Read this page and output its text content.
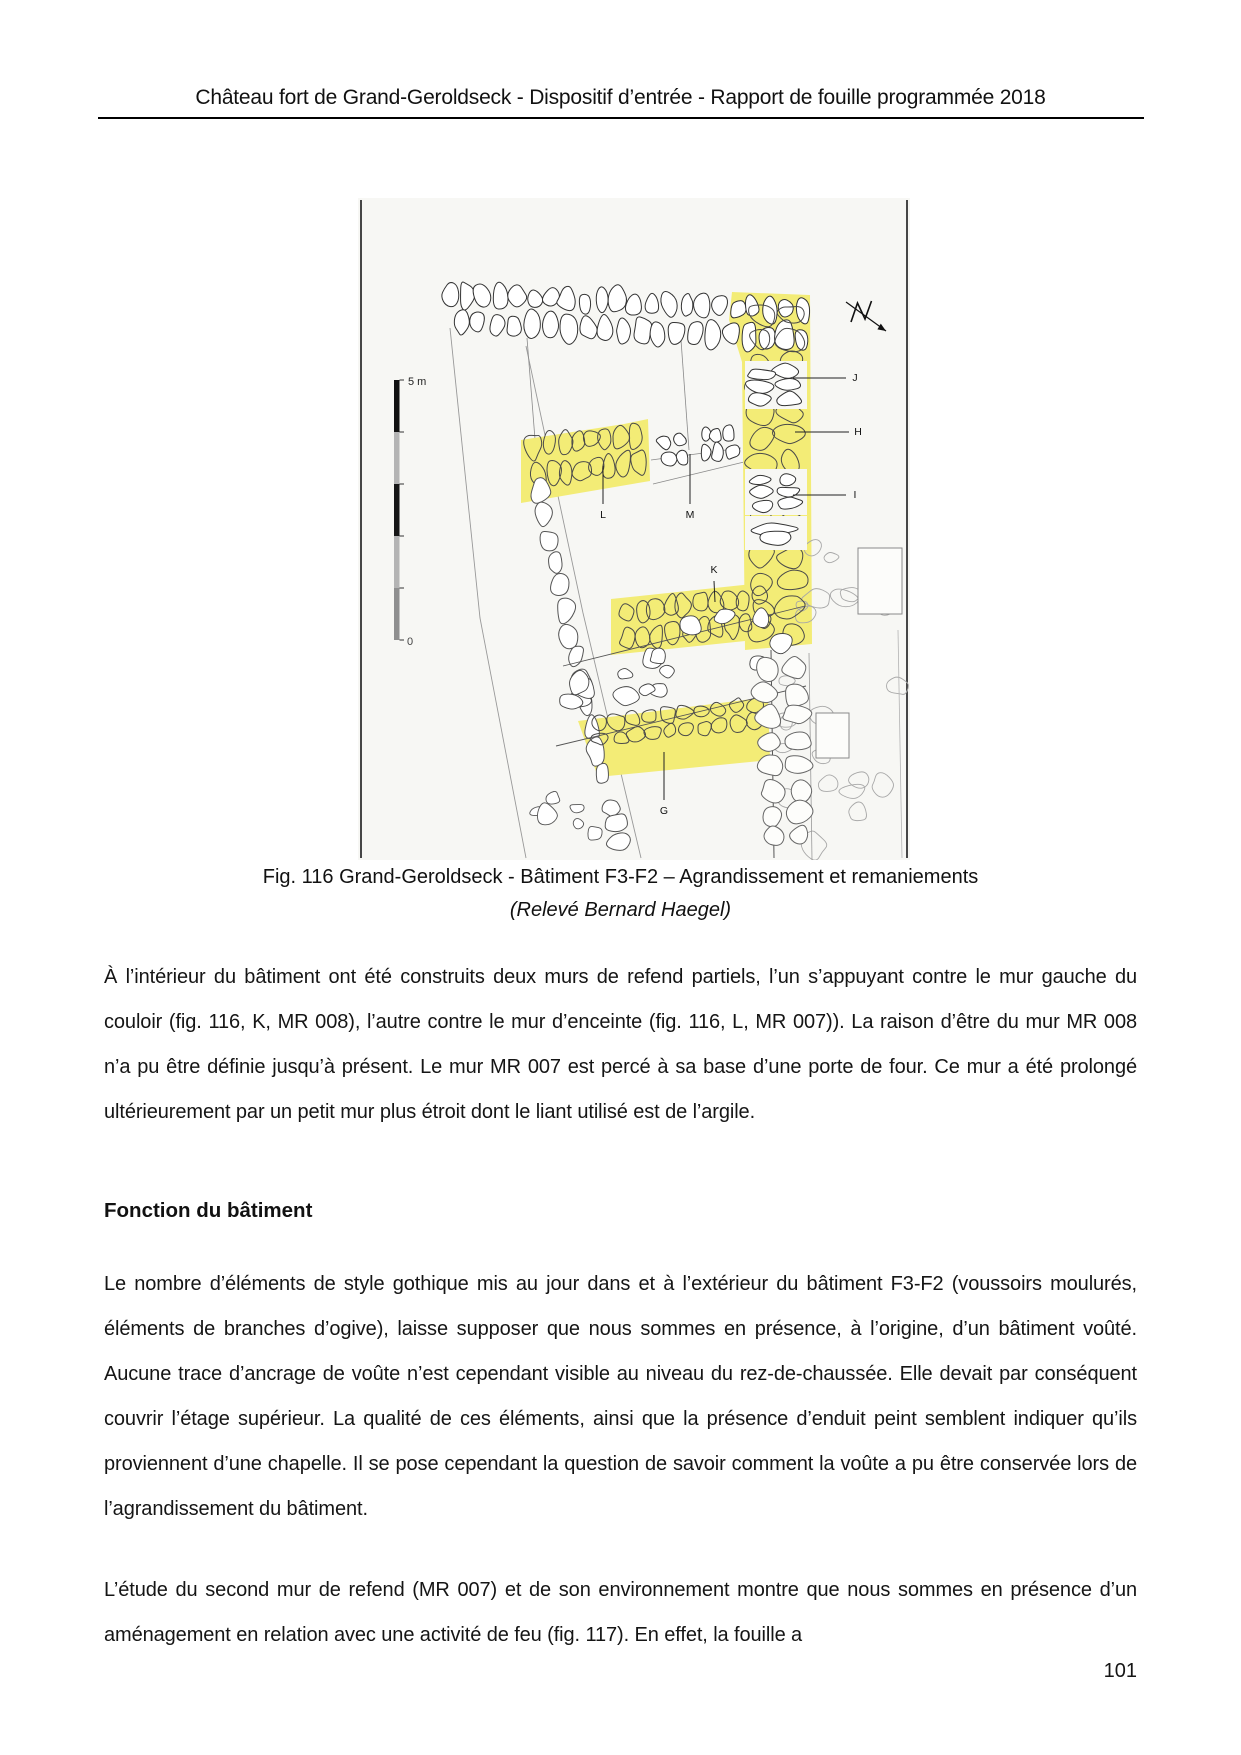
Château fort de Grand-Geroldseck - Dispositif d’entrée - Rapport de fouille programmée 2018
5 m
0
J
H
I
L	M
K
G
Fig. 116 Grand-Geroldseck - Bâtiment F3-F2 – Agrandissement et remaniements
(Relevé Bernard Haegel)
À l’intérieur du bâtiment ont été construits deux murs de refend partiels, l’un s’appuyant contre le mur gauche du couloir (fig. 116, K, MR 008), l’autre contre le mur d’enceinte (fig. 116, L, MR 007)). La raison d’être du mur MR 008 n’a pu être définie jusqu’à présent. Le mur MR 007 est percé à sa base d’une porte de four. Ce mur a été prolongé ultérieurement par un petit mur plus étroit dont le liant utilisé est de l’argile.
Fonction du bâtiment
Le nombre d’éléments de style gothique mis au jour dans et à l’extérieur du bâtiment F3-F2 (voussoirs moulurés, éléments de branches d’ogive), laisse supposer que nous sommes en présence, à l’origine, d’un bâtiment voûté. Aucune trace d’ancrage de voûte n’est cependant visible au niveau du rez-de-chaussée. Elle devait par conséquent couvrir l’étage supérieur. La qualité de ces éléments, ainsi que la présence d’enduit peint semblent indiquer qu’ils proviennent d’une chapelle. Il se pose cependant la question de savoir comment la voûte a pu être conservée lors de l’agrandissement du bâtiment.
L’étude du second mur de refend (MR 007) et de son environnement montre que nous sommes en présence d’un aménagement en relation avec une activité de feu (fig. 117). En effet, la fouille a
101
